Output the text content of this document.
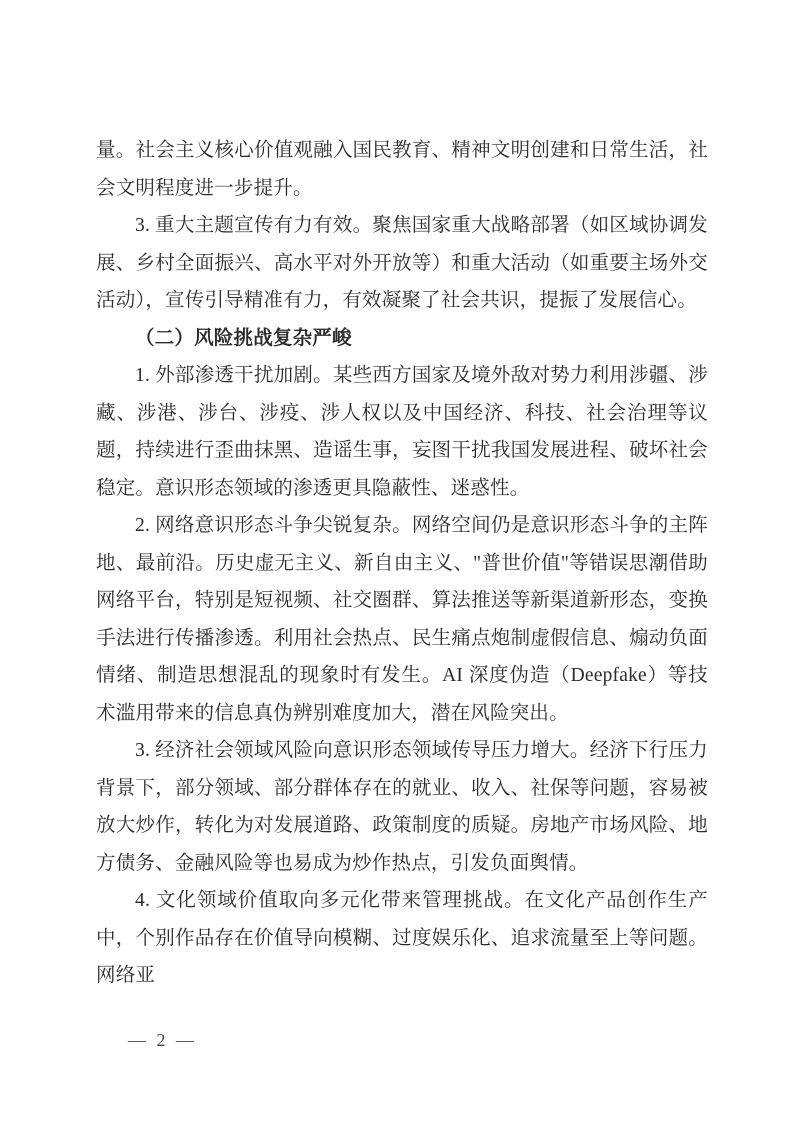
量。社会主义核心价值观融入国民教育、精神文明创建和日常生活，社会文明程度进一步提升。

3. 重大主题宣传有力有效。聚焦国家重大战略部署（如区域协调发展、乡村全面振兴、高水平对外开放等）和重大活动（如重要主场外交活动），宣传引导精准有力，有效凝聚了社会共识，提振了发展信心。

（二）风险挑战复杂严峻

1. 外部渗透干扰加剧。某些西方国家及境外敌对势力利用涉疆、涉藏、涉港、涉台、涉疫、涉人权以及中国经济、科技、社会治理等议题，持续进行歪曲抹黑、造谣生事，妄图干扰我国发展进程、破坏社会稳定。意识形态领域的渗透更具隐蔽性、迷惑性。

2. 网络意识形态斗争尖锐复杂。网络空间仍是意识形态斗争的主阵地、最前沿。历史虚无主义、新自由主义、"普世价值"等错误思潮借助网络平台，特别是短视频、社交圈群、算法推送等新渠道新形态，变换手法进行传播渗透。利用社会热点、民生痛点炮制虚假信息、煽动负面情绪、制造思想混乱的现象时有发生。AI 深度伪造（Deepfake）等技术滥用带来的信息真伪辨别难度加大，潜在风险突出。

3. 经济社会领域风险向意识形态领域传导压力增大。经济下行压力背景下，部分领域、部分群体存在的就业、收入、社保等问题，容易被放大炒作，转化为对发展道路、政策制度的质疑。房地产市场风险、地方债务、金融风险等也易成为炒作热点，引发负面舆情。

4. 文化领域价值取向多元化带来管理挑战。在文化产品创作生产中，个别作品存在价值导向模糊、过度娱乐化、追求流量至上等问题。网络亚

— 2 —
